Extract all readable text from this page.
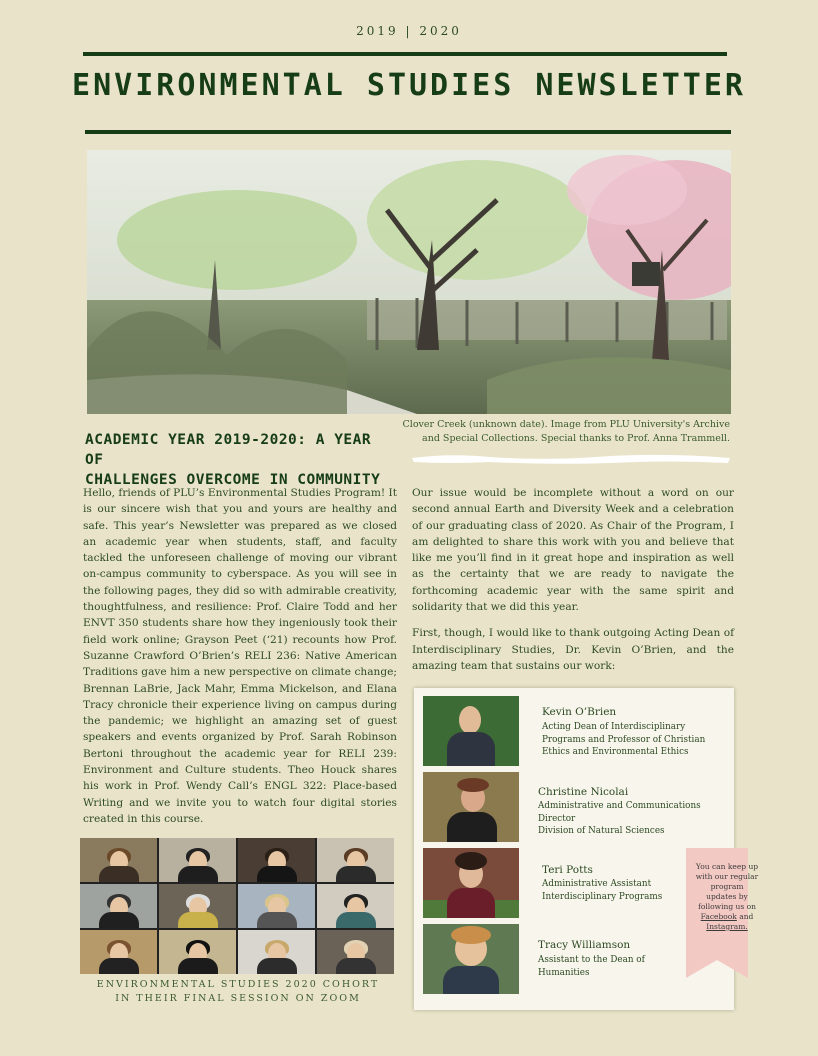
2019 | 2020
ENVIRONMENTAL STUDIES NEWSLETTER
Clover Creek (unknown date). Image from PLU University's Archive
and Special Collections. Special thanks to Prof. Anna Trammell.
ACADEMIC YEAR 2019-2020: A YEAR OF
CHALLENGES OVERCOME IN COMMUNITY

Hello, friends of PLU’s Environmental Studies Program! It is our sincere wish that you and yours are healthy and safe. This year’s Newsletter was prepared as we closed an academic year when students, staff, and faculty tackled the unforeseen challenge of moving our vibrant on-campus community to cyberspace. As you will see in the following pages, they did so with admirable creativity, thoughtfulness, and resilience: Prof. Claire Todd and her ENVT 350 students share how they ingeniously took their field work online; Grayson Peet (‘21) recounts how Prof. Suzanne Crawford O’Brien’s RELI 236: Native American Traditions gave him a new perspective on climate change; Brennan LaBrie, Jack Mahr, Emma Mickelson, and Elana Tracy chronicle their experience living on campus during the pandemic; we highlight an amazing set of guest speakers and events organized by Prof. Sarah Robinson Bertoni throughout the academic year for RELI 239: Environment and Culture students. Theo Houck shares his work in Prof. Wendy Call’s ENGL 322: Place-based Writing and we invite you to watch four digital stories created in this course.

Our issue would be incomplete without a word on our second annual Earth and Diversity Week and a celebration of our graduating class of 2020. As Chair of the Program, I am delighted to share this work with you and believe that like me you’ll find in it great hope and inspiration as well as the certainty that we are ready to navigate the forthcoming academic year with the same spirit and solidarity that we did this year.

First, though, I would like to thank outgoing Acting Dean of Interdisciplinary Studies, Dr. Kevin O’Brien, and the amazing team that sustains our work:

ENVIRONMENTAL STUDIES 2020 COHORT
IN THEIR FINAL SESSION ON ZOOM
Kevin O’Brien
Acting Dean of Interdisciplinary
Programs and Professor of Christian
Ethics and Environmental Ethics
Christine Nicolai
Administrative and Communications
Director
Division of Natural Sciences
Teri Potts
Administrative Assistant
Interdisciplinary Programs
Tracy Williamson
Assistant to the Dean of
Humanities
You can keep up
with our regular
program
updates by
following us on
Facebook and
Instagram.
